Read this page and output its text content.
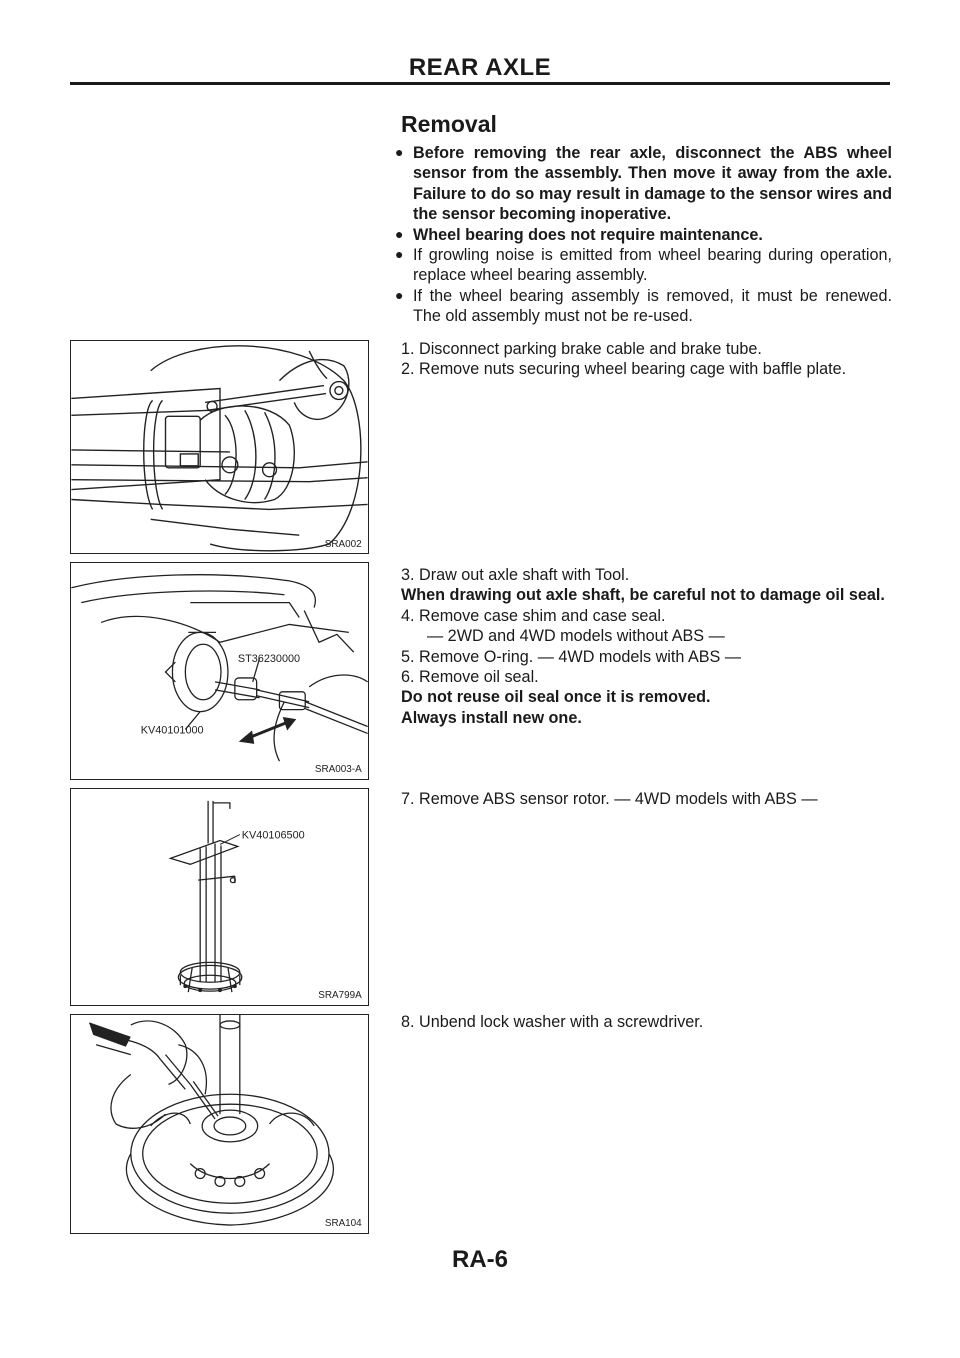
REAR AXLE
Removal
● Before removing the rear axle, disconnect the ABS wheel sensor from the assembly. Then move it away from the axle. Failure to do so may result in damage to the sensor wires and the sensor becoming inoperative.
● Wheel bearing does not require maintenance.
● If growling noise is emitted from wheel bearing during operation, replace wheel bearing assembly.
● If the wheel bearing assembly is removed, it must be renewed. The old assembly must not be re-used.
SRA002

1. Disconnect parking brake cable and brake tube.

2. Remove nuts securing wheel bearing cage with baffle plate.

ST36230000
KV40101000
SRA003-A

3. Draw out axle shaft with Tool.

When drawing out axle shaft, be careful not to damage oil seal.

4. Remove case shim and case seal.

— 2WD and 4WD models without ABS —

5. Remove O-ring. — 4WD models with ABS —

6. Remove oil seal.

Do not reuse oil seal once it is removed.

Always install new one.

KV40106500
SRA799A

7. Remove ABS sensor rotor. — 4WD models with ABS —

SRA104

8. Unbend lock washer with a screwdriver.

RA-6
